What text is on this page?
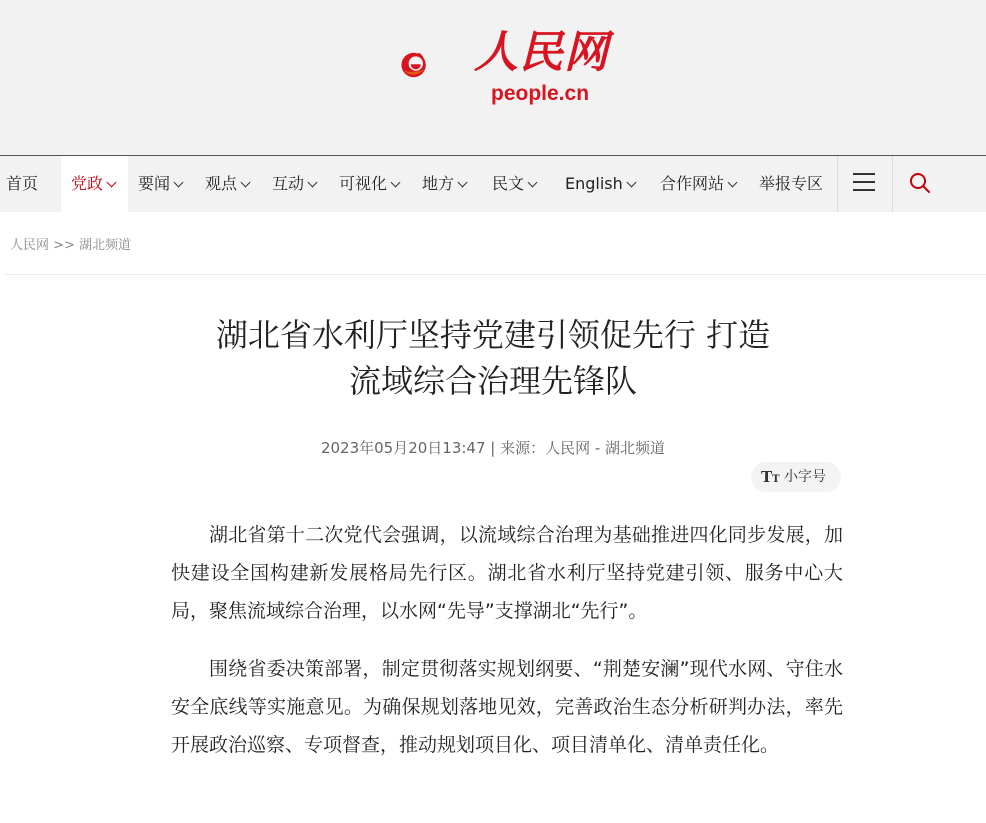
人民网
people.cn
首页	党政	要闻	观点	互动	可视化	地方	民文	English	合作网站	举报专区
人民网 >> 湖北频道
湖北省水利厅坚持党建引领促先行 打造
流域综合治理先锋队
2023年05月20日13:47 | 来源：人民网 - 湖北频道
TT 小字号

湖北省第十二次党代会强调，以流域综合治理为基础推进四化同步发展，加快建设全国构建新发展格局先行区。湖北省水利厅坚持党建引领、服务中心大局，聚焦流域综合治理，以水网“先导”支撑湖北“先行”。

围绕省委决策部署，制定贯彻落实规划纲要、“荆楚安澜”现代水网、守住水安全底线等实施意见。为确保规划落地见效，完善政治生态分析研判办法，率先开展政治巡察、专项督查，推动规划项目化、项目清单化、清单责任化。
